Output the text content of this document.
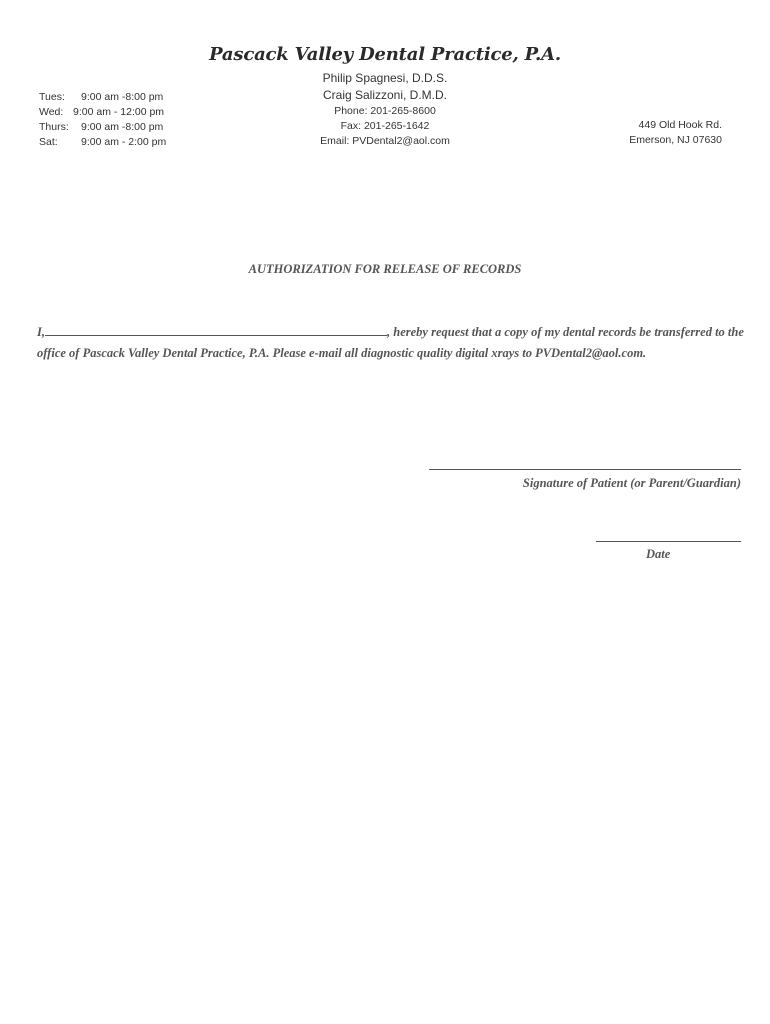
Pascack Valley Dental Practice, P.A.
Philip Spagnesi, D.D.S.
Craig Salizzoni, D.M.D.
Phone: 201-265-8600
Fax: 201-265-1642
Email: PVDental2@aol.com
Tues:	9:00 am -8:00 pm
Wed: 9:00 am - 12:00 pm
Thurs:	9:00 am -8:00 pm
Sat:	9:00 am - 2:00 pm
449 Old Hook Rd.
Emerson, NJ 07630
AUTHORIZATION FOR RELEASE OF RECORDS
I,	, hereby request that a copy of my dental records be transferred to the office of Pascack Valley Dental Practice, P.A. Please e-mail all diagnostic quality digital xrays to PVDental2@aol.com.
Signature of Patient (or Parent/Guardian)
Date
